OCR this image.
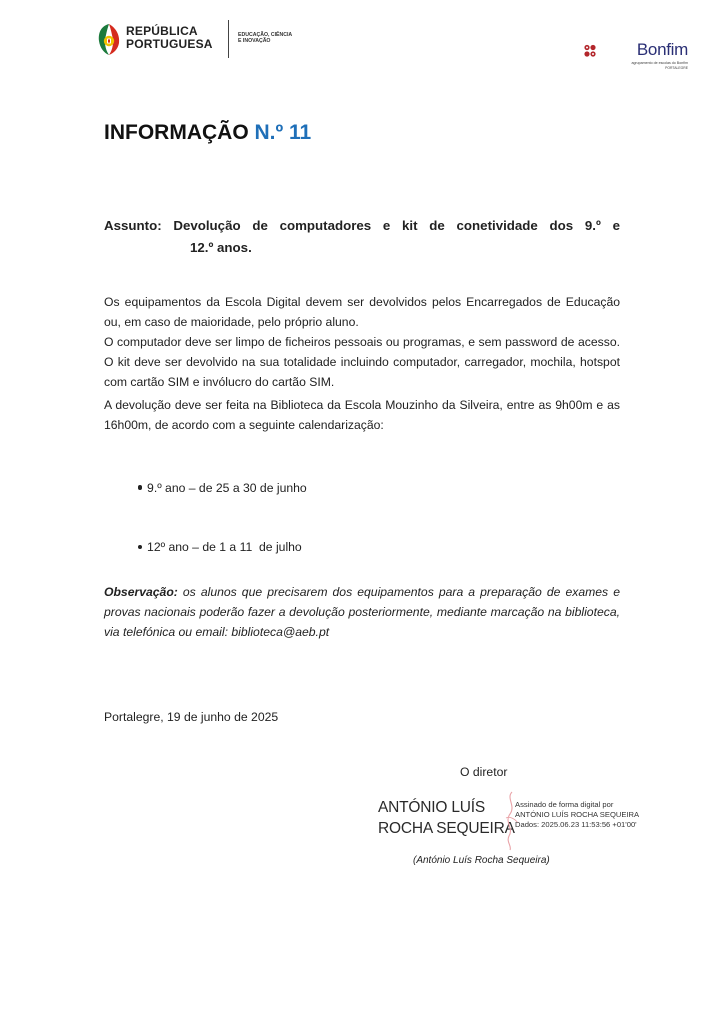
REPÚBLICA
PORTUGUESA
EDUCAÇÃO, CIÊNCIA
E INOVAÇÃO	Bonfim
agrupamento de escolas do Bonfim
PORTALEGRE
INFORMAÇÃO N.º 11
Assunto: Devolução de computadores e kit de conetividade dos 9.º e
12.º anos.
Os equipamentos da Escola Digital devem ser devolvidos pelos Encarregados de Educação ou, em caso de maioridade, pelo próprio aluno.
O computador deve ser limpo de ficheiros pessoais ou programas, e sem password de acesso. O kit deve ser devolvido na sua totalidade incluindo computador, carregador, mochila, hotspot com cartão SIM e invólucro do cartão SIM.
A devolução deve ser feita na Biblioteca da Escola Mouzinho da Silveira, entre as 9h00m e as 16h00m, de acordo com a seguinte calendarização:

9.º ano – de 25 a 30 de junho

12º ano – de 1 a 11  de julho

Observação: os alunos que precisarem dos equipamentos para a preparação de exames e provas nacionais poderão fazer a devolução posteriormente, mediante marcação na biblioteca, via telefónica ou email: biblioteca@aeb.pt
Portalegre, 19 de junho de 2025
O diretor
ANTÓNIO LUÍS
ROCHA SEQUEIRA
Assinado de forma digital por
ANTÓNIO LUÍS ROCHA SEQUEIRA
Dados: 2025.06.23 11:53:56 +01'00'
(António Luís Rocha Sequeira)
